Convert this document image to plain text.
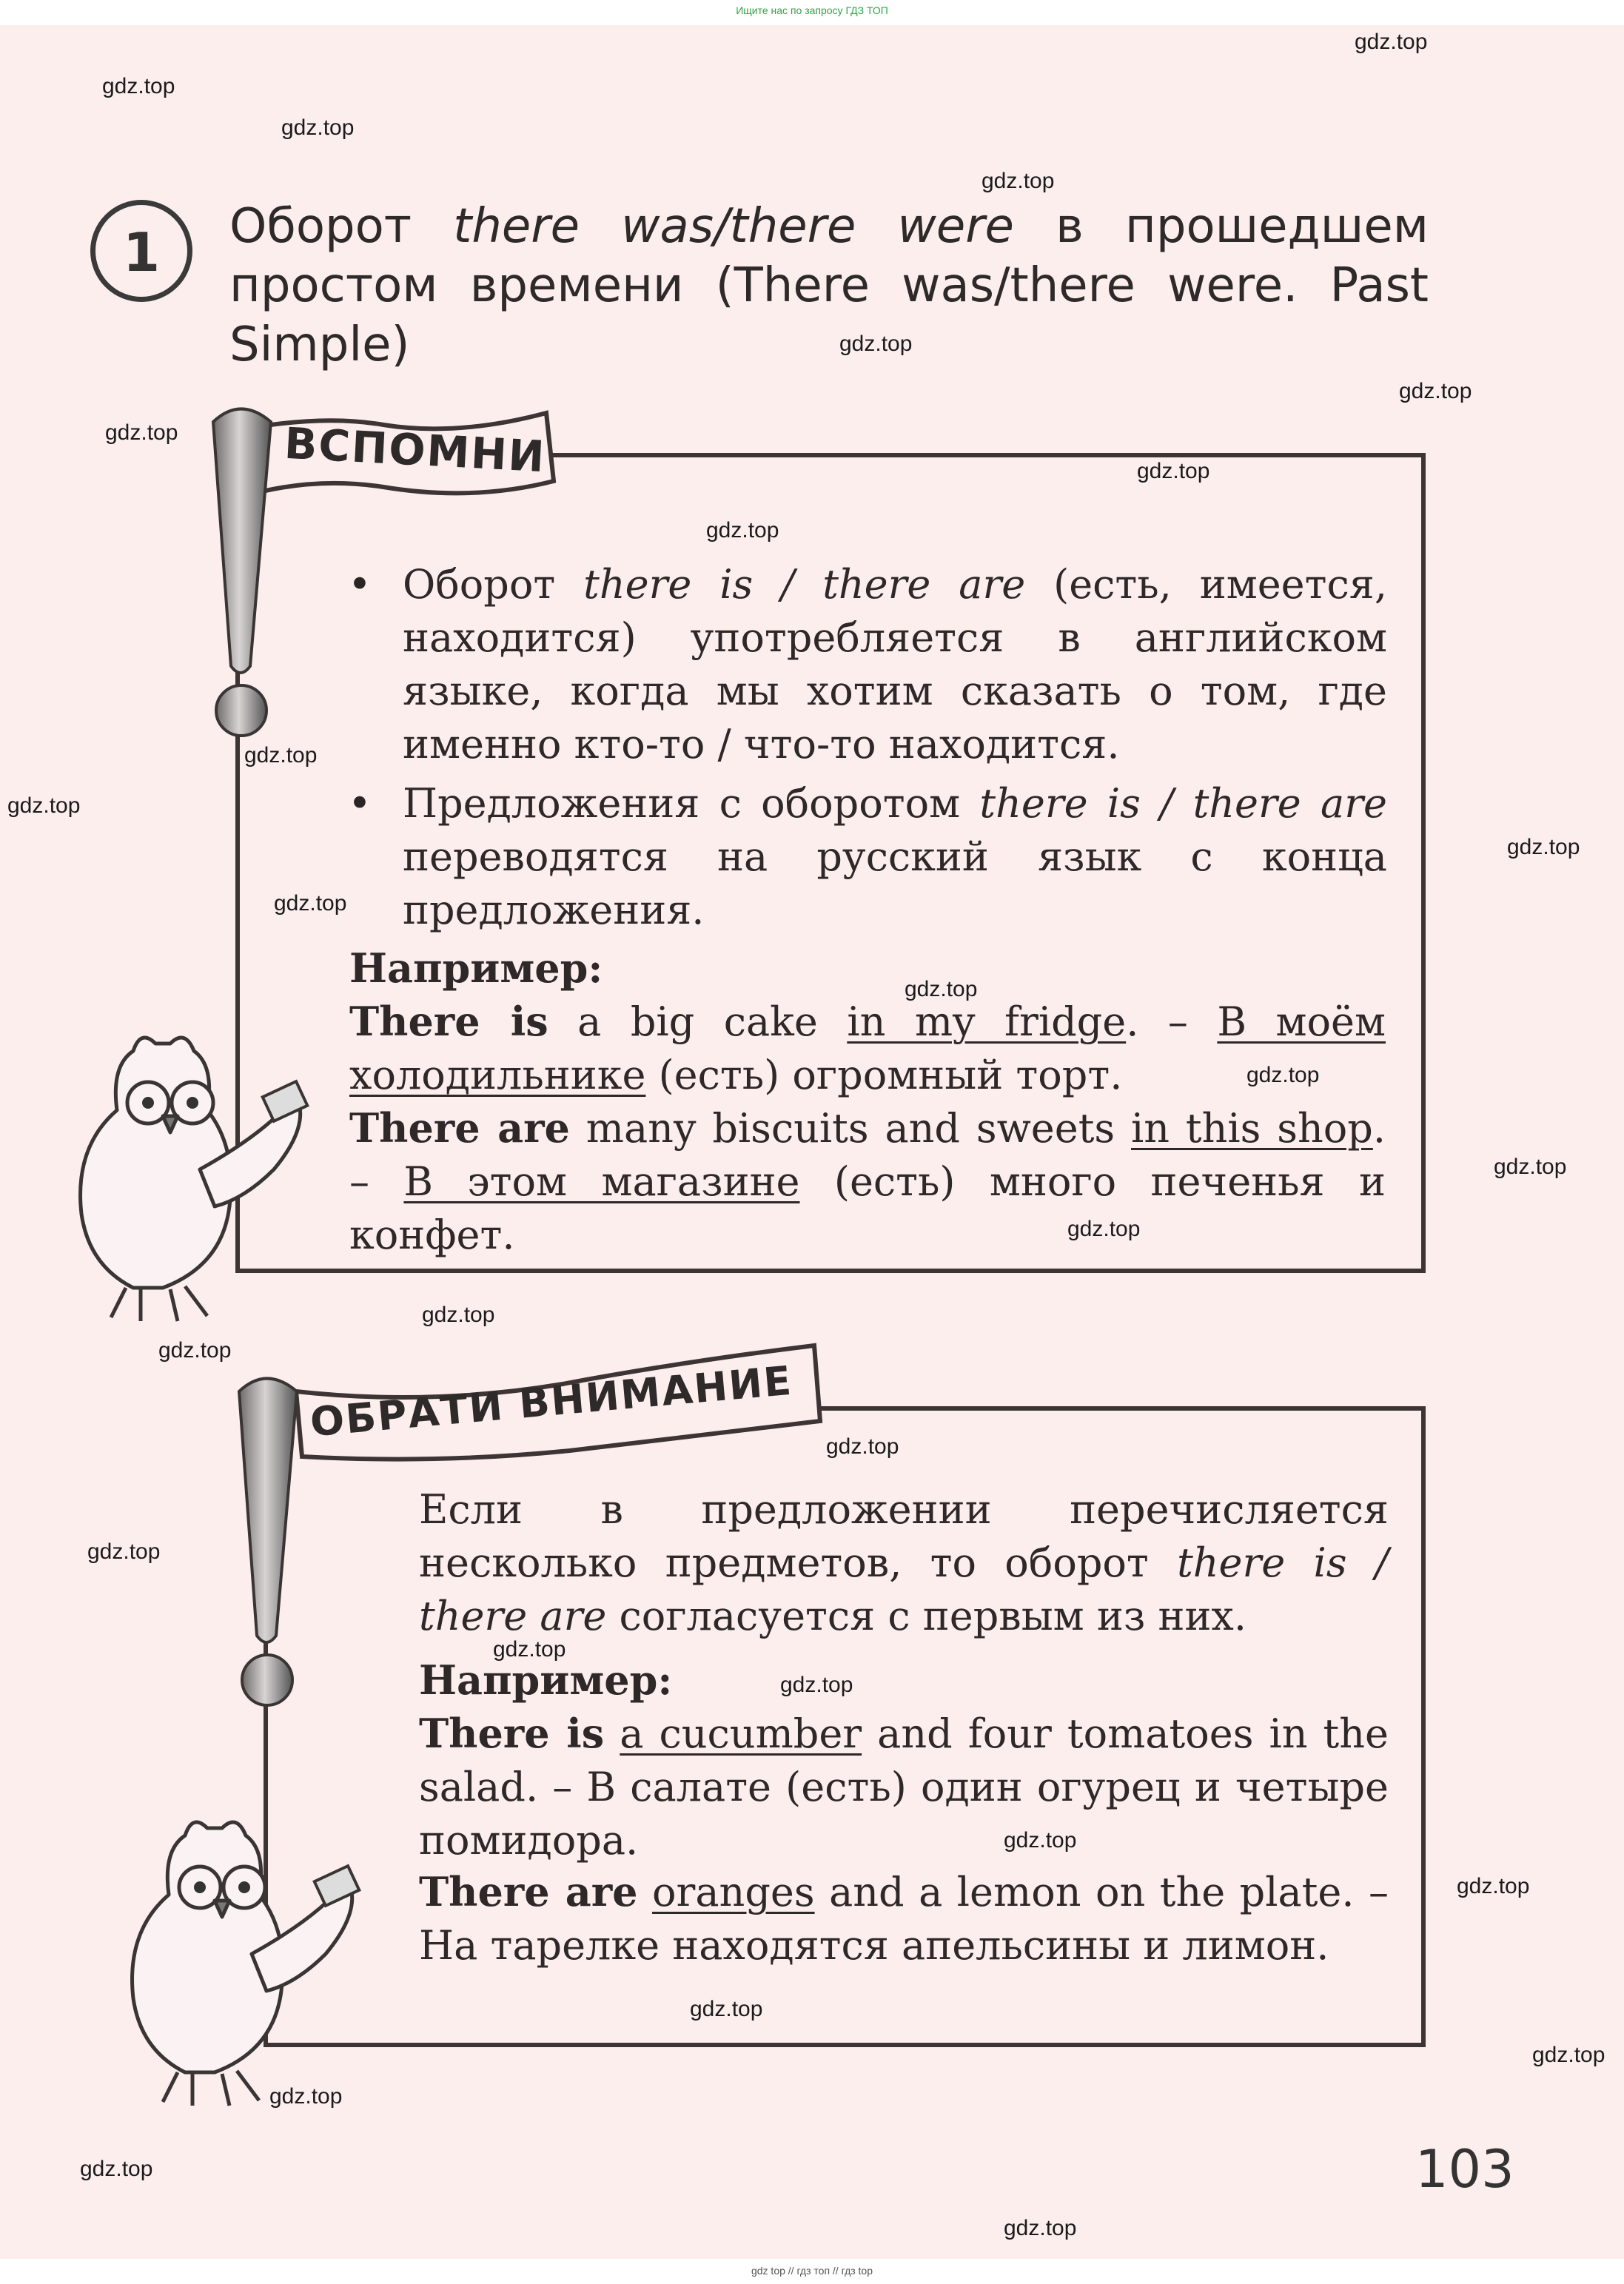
Ищите нас по запросу ГДЗ ТОП
1	Оборот there was/there were в прошедшем простом времени (There was/there were. Past Simple)
ВСПОМНИ
• Оборот there is / there are (есть, имеется, находится) употребляется в английском языке, когда мы хотим сказать о том, где именно кто-то / что-то находится.
• Предложения с оборотом there is / there are переводятся на русский язык с конца предложения.
Например:
There is a big cake in my fridge. – В моём холодильнике (есть) огромный торт.
There are many biscuits and sweets in this shop. – В этом магазине (есть) много печенья и конфет.
ОБРАТИ ВНИМАНИЕ
Если в предложении перечисляется несколько предметов, то оборот there is / there are согласуется с первым из них.
Например:
There is a cucumber and four tomatoes in the salad. – В салате (есть) один огурец и четыре помидора.
There are oranges and a lemon on the plate. – На тарелке находятся апельсины и лимон.
103
gdz.top
gdz.top
gdz.top
gdz.top
gdz.top
gdz.top
gdz.top
gdz.top
gdz.top
gdz.top
gdz.top
gdz.top
gdz.top
gdz.top
gdz.top
gdz.top
gdz.top
gdz.top
gdz.top
gdz.top
gdz.top
gdz.top
gdz.top
gdz.top
gdz.top
gdz.top
gdz.top
gdz.top
gdz.top
gdz.top
gdz top // гдз топ // гдз top
